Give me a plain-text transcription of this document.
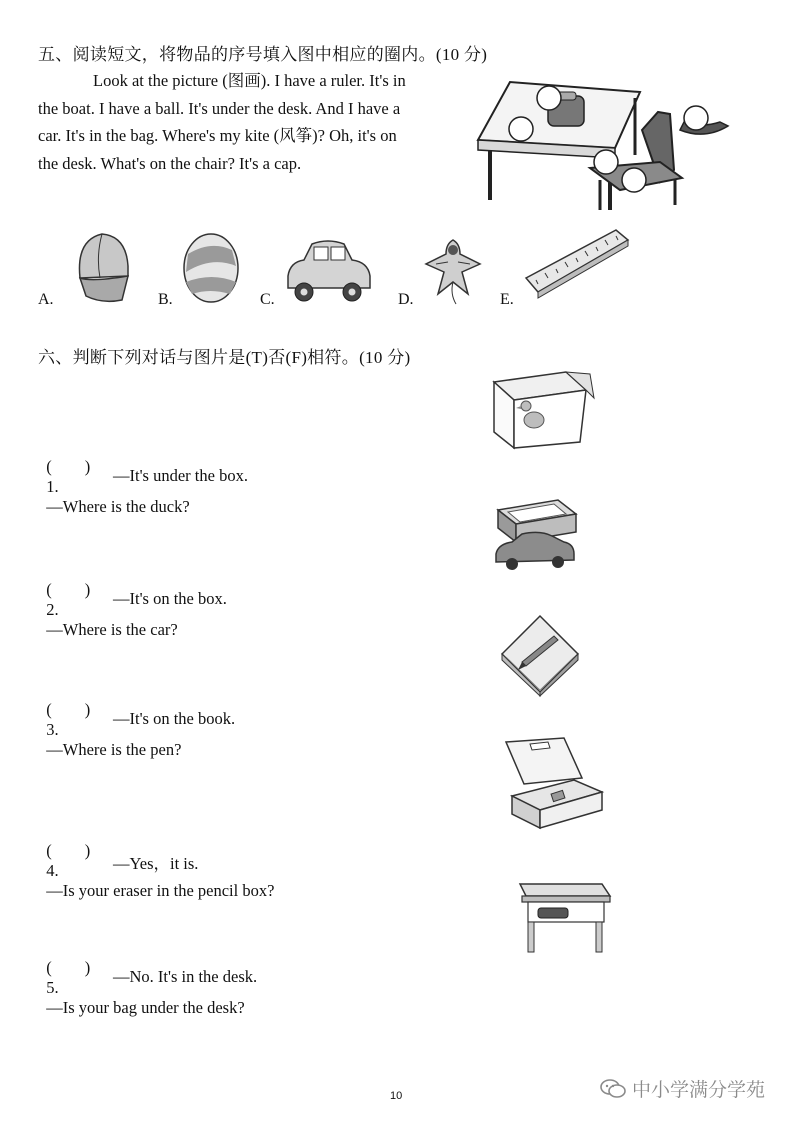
五、阅读短文，将物品的序号填入图中相应的圈内。(10 分)
Look at the picture (图画). I have a ruler. It's in
the boat. I have a ball. It's under the desk. And I have a
car. It's in the bag. Where's my kite (风筝)? Oh, it's on
the desk. What's on the chair? It's a cap.
A.	B.	C.	D.	E.
六、判断下列对话与图片是(T)否(F)相符。(10 分)

(        )
1.
—Where is the duck?

—It's under the box.

(        )
2.
—Where is the car?

—It's on the box.

(        )
3.
—Where is the pen?

—It's on the book.

(        )
4.
—Is your eraser in the pencil box?

—Yes，it is.

(        )
5.
—Is your bag under the desk?

—No. It's in the desk.
10	中小学满分学苑
